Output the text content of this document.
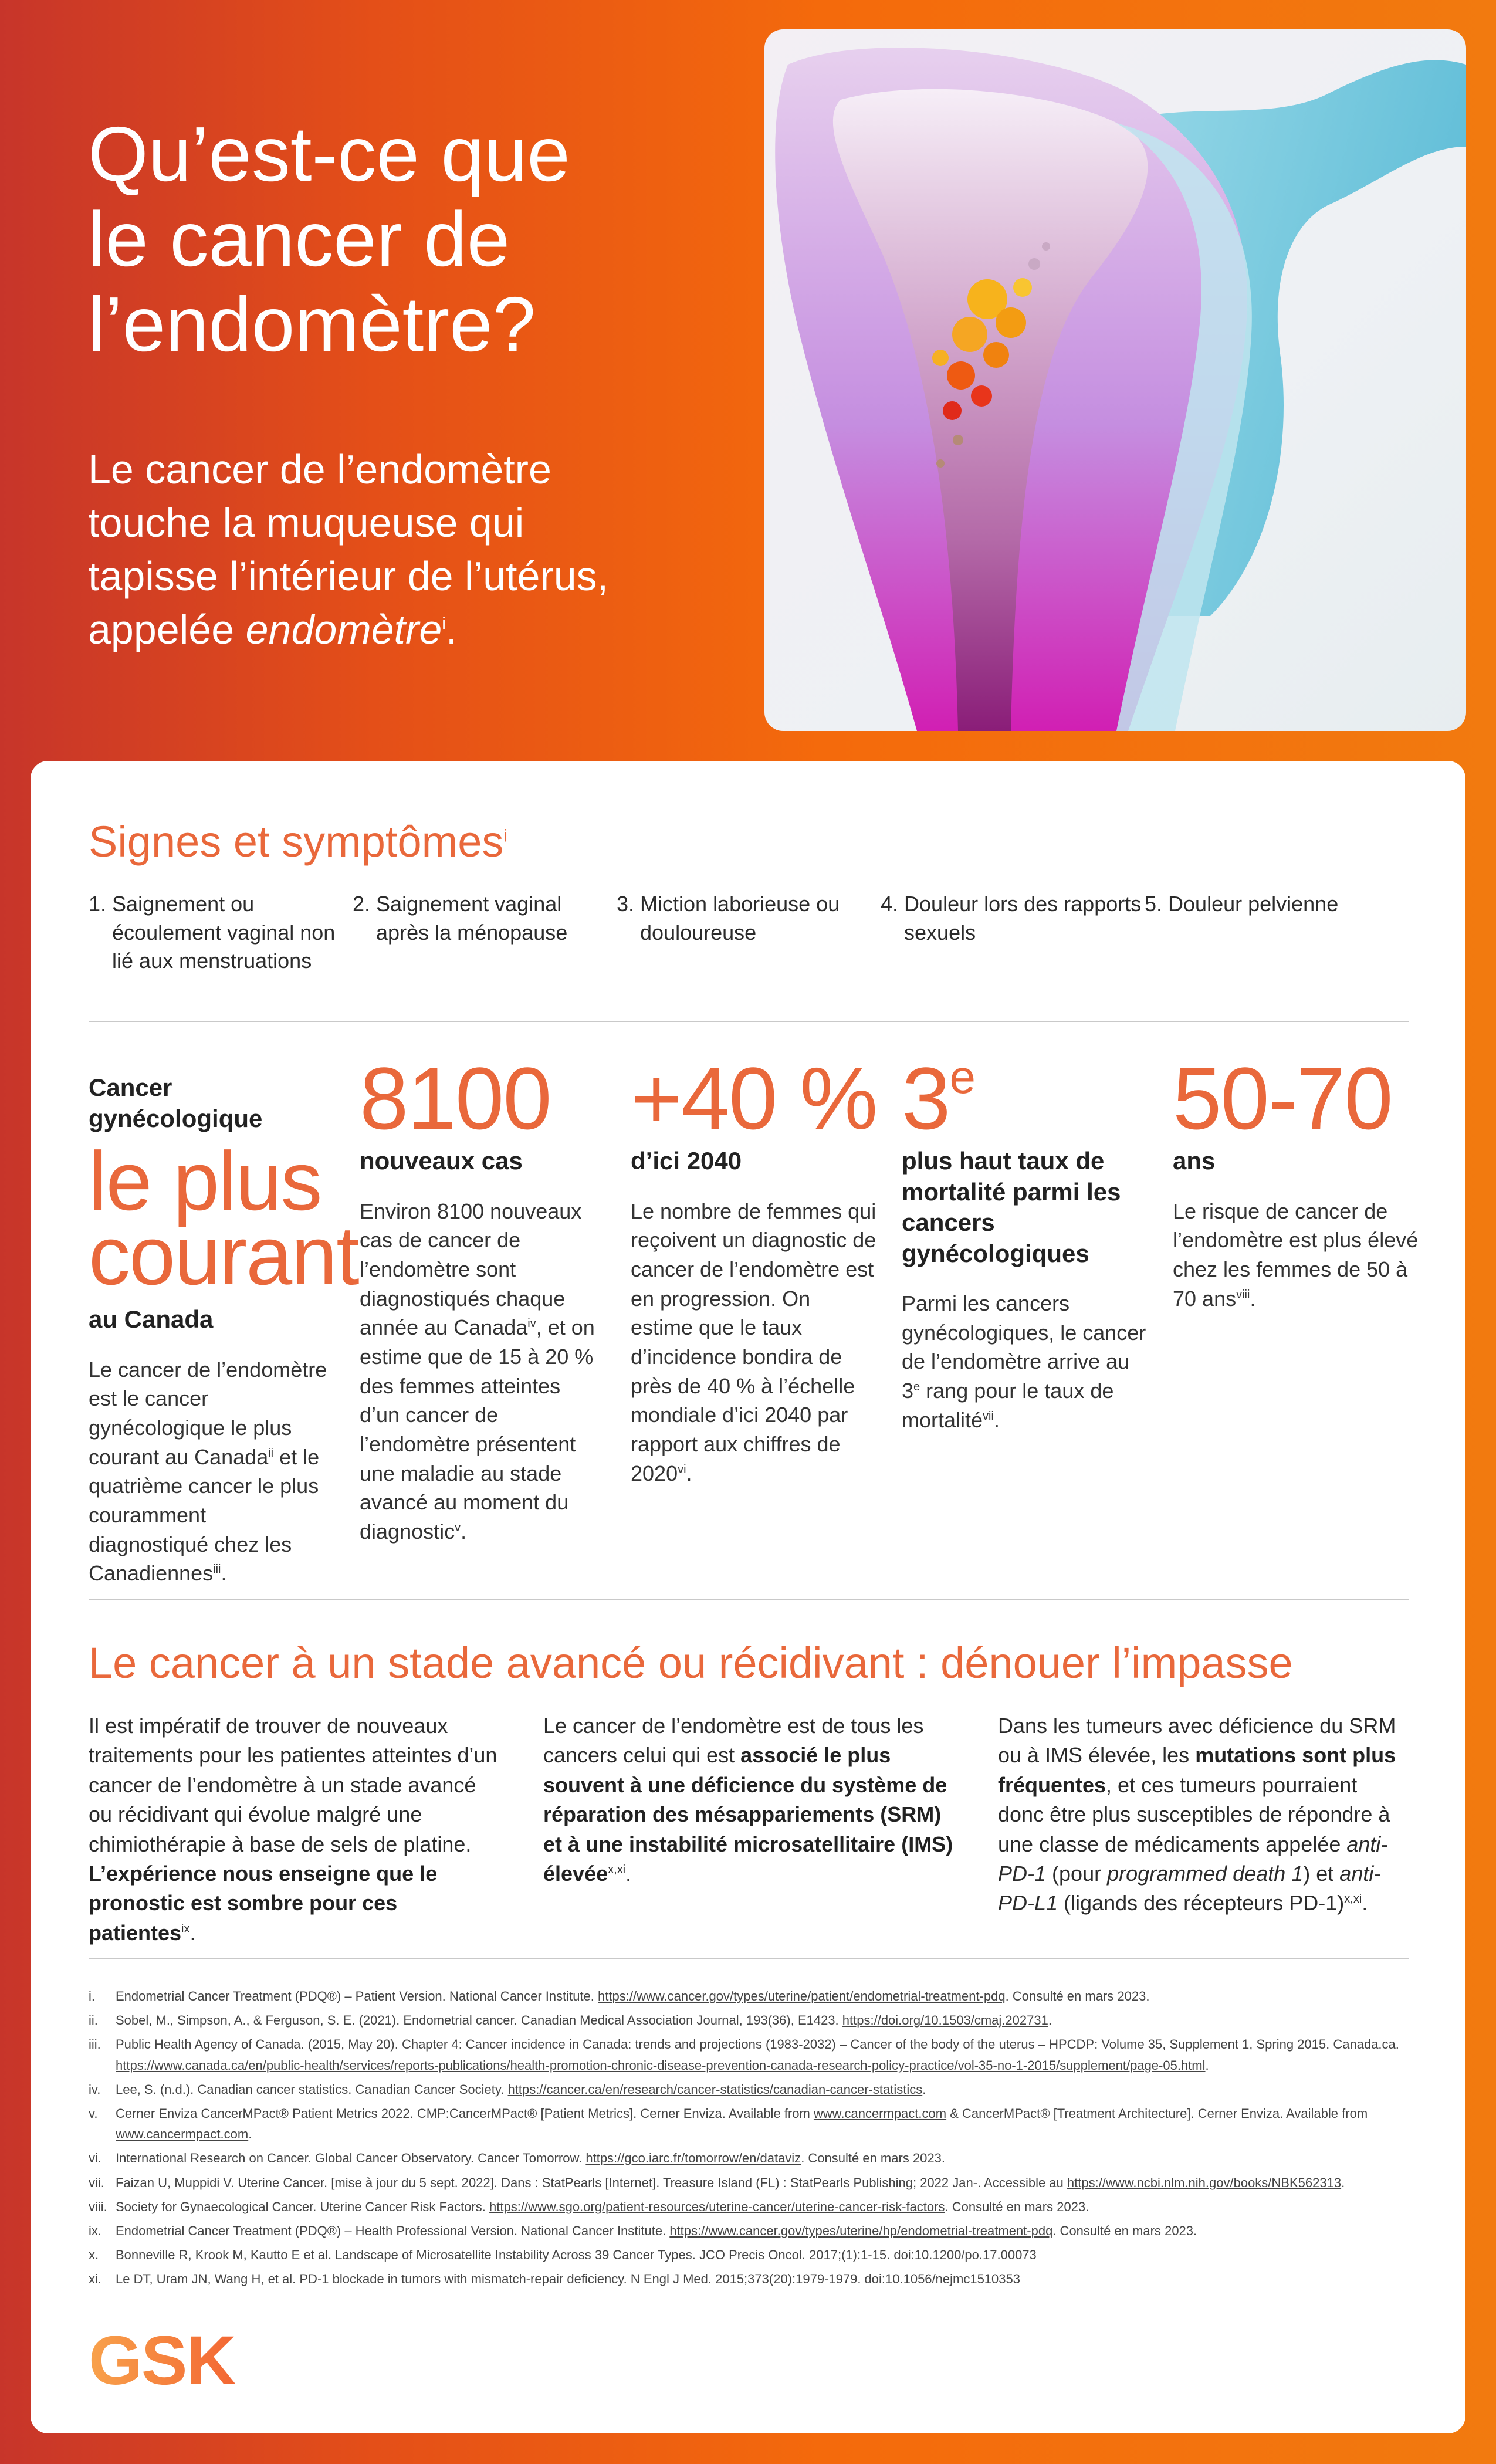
Qu’est-ce que
le cancer de
l’endomètre?

Le cancer de l’endomètre
touche la muqueuse qui
tapisse l’intérieur de l’utérus,
appelée endomètre$^i$.

Signes et symptômes$^i$
1. Saignement ou écoulement vaginal non lié aux menstruations
2. Saignement vaginal après la ménopause
3. Miction laborieuse ou douloureuse
4. Douleur lors des rapports sexuels
5. Douleur pelvienne
Cancer
gynécologique
le plus
courant
au Canada
Le cancer de l’endomètre est le cancer gynécologique le plus courant au Canada$^{ii}$ et le quatrième cancer le plus couramment diagnostiqué chez les Canadiennes$^{iii}$.
8100
nouveaux cas
Environ 8100 nouveaux cas de cancer de l’endomètre sont diagnostiqués chaque année au Canada$^{iv}$, et on estime que de 15 à 20 % des femmes atteintes d’un cancer de l’endomètre présentent une maladie au stade avancé au moment du diagnostic$^v$.
+40 %
d’ici 2040
Le nombre de femmes qui reçoivent un diagnostic de cancer de l’endomètre est en progression. On estime que le taux d’incidence bondira de près de 40 % à l’échelle mondiale d’ici 2040 par rapport aux chiffres de 2020$^{vi}$.
3e
plus haut taux de mortalité parmi les cancers gynécologiques
Parmi les cancers gynécologiques, le cancer de l’endomètre arrive au 3e rang pour le taux de mortalité$^{vii}$.
50-70
ans
Le risque de cancer de l’endomètre est plus élevé chez les femmes de 50 à 70 ans$^{viii}$.
Le cancer à un stade avancé ou récidivant : dénouer l’impasse
Il est impératif de trouver de nouveaux traitements pour les patientes atteintes d’un cancer de l’endomètre à un stade avancé ou récidivant qui évolue malgré une chimiothérapie à base de sels de platine. L’expérience nous enseigne que le pronostic est sombre pour ces patientes$^{ix}$.
Le cancer de l’endomètre est de tous les cancers celui qui est associé le plus souvent à une déficience du système de réparation des mésappariements (SRM) et à une instabilité microsatellitaire (IMS) élevée$^{x,xi}$.
Dans les tumeurs avec déficience du SRM ou à IMS élevée, les mutations sont plus fréquentes, et ces tumeurs pourraient donc être plus susceptibles de répondre à une classe de médicaments appelée anti-PD-1 (pour programmed death 1) et anti-PD-L1 (ligands des récepteurs PD-1)$^{x,xi}$.
i.	Endometrial Cancer Treatment (PDQ®) – Patient Version. National Cancer Institute. https://www.cancer.gov/types/uterine/patient/endometrial-treatment-pdq. Consulté en mars 2023.
ii.	Sobel, M., Simpson, A., & Ferguson, S. E. (2021). Endometrial cancer. Canadian Medical Association Journal, 193(36), E1423. https://doi.org/10.1503/cmaj.202731.
iii.	Public Health Agency of Canada. (2015, May 20). Chapter 4: Cancer incidence in Canada: trends and projections (1983-2032) – Cancer of the body of the uterus – HPCDP: Volume 35, Supplement 1, Spring 2015. Canada.ca. https://www.canada.ca/en/public-health/services/reports-publications/health-promotion-chronic-disease-prevention-canada-research-policy-practice/vol-35-no-1-2015/supplement/page-05.html.
iv.	Lee, S. (n.d.). Canadian cancer statistics. Canadian Cancer Society. https://cancer.ca/en/research/cancer-statistics/canadian-cancer-statistics.
v.	Cerner Enviza CancerMPact® Patient Metrics 2022. CMP:CancerMPact® [Patient Metrics]. Cerner Enviza. Available from www.cancermpact.com & CancerMPact® [Treatment Architecture]. Cerner Enviza. Available from www.cancermpact.com.
vi.	International Research on Cancer. Global Cancer Observatory. Cancer Tomorrow. https://gco.iarc.fr/tomorrow/en/dataviz. Consulté en mars 2023.
vii. Faizan U, Muppidi V. Uterine Cancer. [mise à jour du 5 sept. 2022]. Dans : StatPearls [Internet]. Treasure Island (FL) : StatPearls Publishing; 2022 Jan-. Accessible au https://www.ncbi.nlm.nih.gov/books/NBK562313.
viii. Society for Gynaecological Cancer. Uterine Cancer Risk Factors. https://www.sgo.org/patient-resources/uterine-cancer/uterine-cancer-risk-factors. Consulté en mars 2023.
ix.	Endometrial Cancer Treatment (PDQ®) – Health Professional Version. National Cancer Institute. https://www.cancer.gov/types/uterine/hp/endometrial-treatment-pdq. Consulté en mars 2023.
x.	Bonneville R, Krook M, Kautto E et al. Landscape of Microsatellite Instability Across 39 Cancer Types. JCO Precis Oncol. 2017;(1):1-15. doi:10.1200/po.17.00073
xi.	Le DT, Uram JN, Wang H, et al. PD-1 blockade in tumors with mismatch-repair deficiency. N Engl J Med. 2015;373(20):1979-1979. doi:10.1056/nejmc1510353
GSK
